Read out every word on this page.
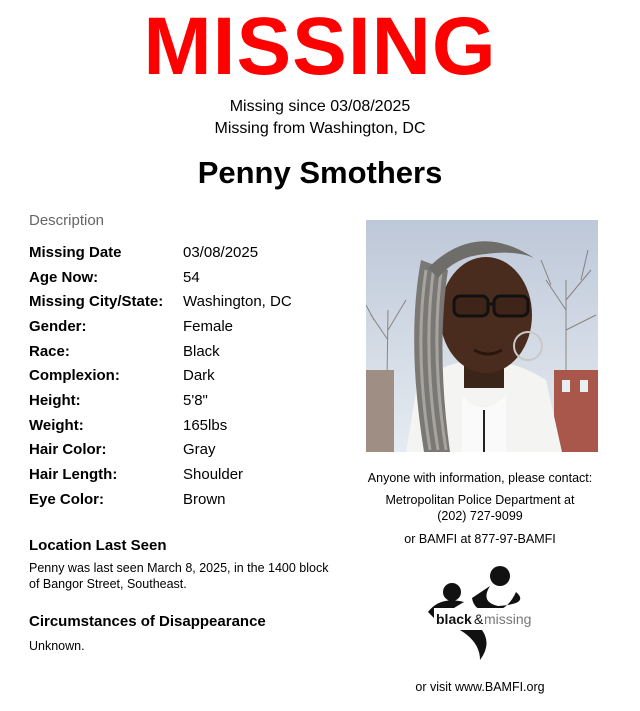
MISSING
Missing since 03/08/2025
Missing from Washington, DC
Penny Smothers
Description
Missing Date	03/08/2025
Age Now:	54
Missing City/State:	Washington, DC
Gender:	Female
Race:	Black
Complexion:	Dark
Height:	5'8"
Weight:	165lbs
Hair Color:	Gray
Hair Length:	Shoulder
Eye Color:	Brown
Location Last Seen
Penny was last seen March 8, 2025, in the 1400 block of Bangor Street, Southeast.
Circumstances of Disappearance
Unknown.
Anyone with information, please contact:
Metropolitan Police Department at
(202) 727-9099
or BAMFI at 877-97-BAMFI
black & missing
or visit www.BAMFI.org
